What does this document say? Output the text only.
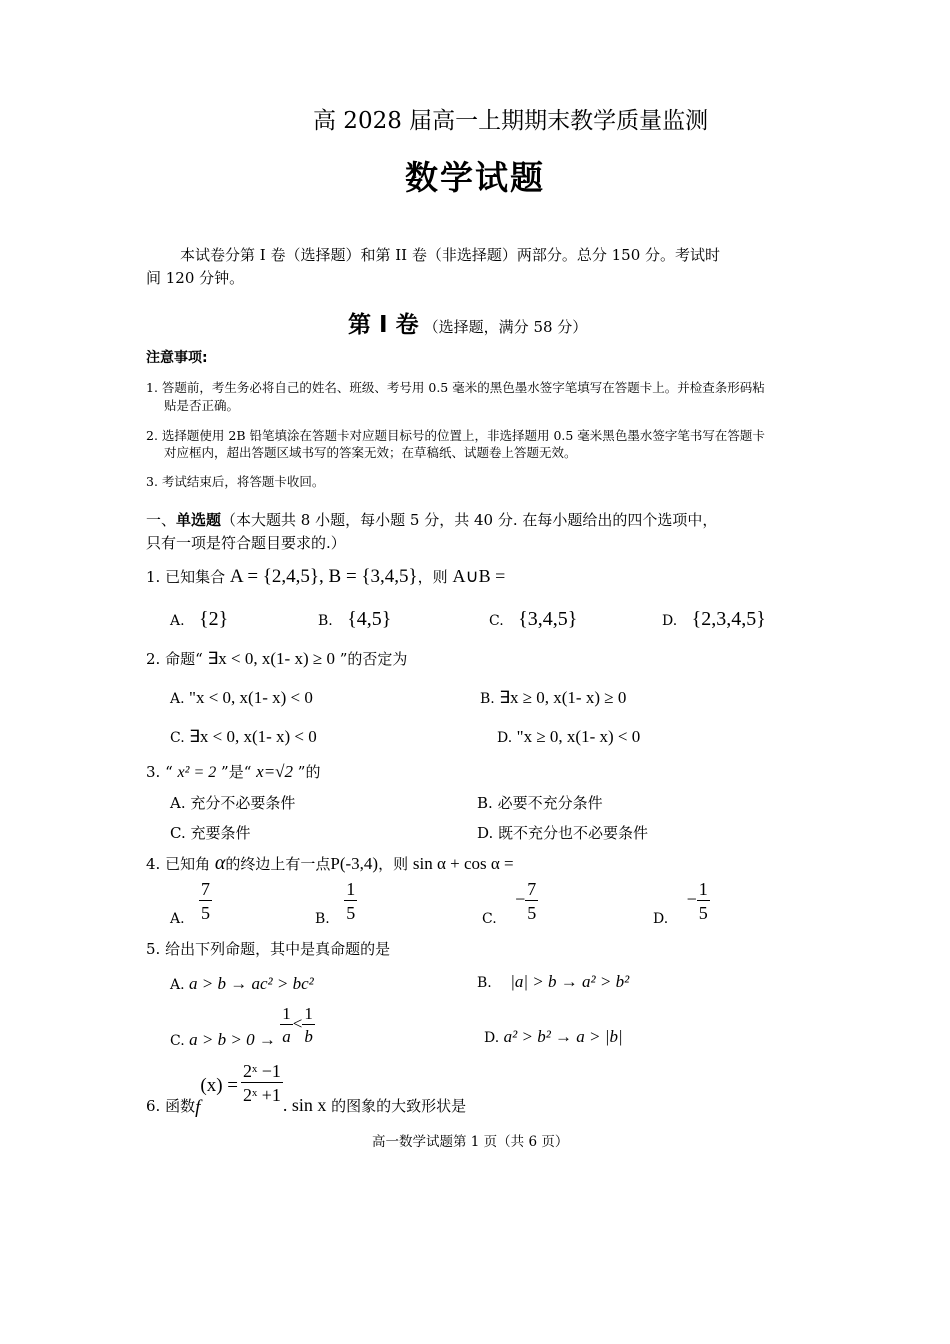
高 2028 届高一上期期末教学质量监测
数学试题
本试卷分第 I 卷（选择题）和第 II 卷（非选择题）两部分。总分 150 分。考试时
间 120 分钟。
第 I 卷 （选择题，满分 58 分）
注意事项:
1. 答题前，考生务必将自己的姓名、班级、考号用 0.5 毫米的黑色墨水签字笔填写在答题卡上。并检查条形码粘
贴是否正确。
2. 选择题使用 2B 铅笔填涂在答题卡对应题目标号的位置上，非选择题用 0.5 毫米黑色墨水签字笔书写在答题卡
对应框内，超出答题区域书写的答案无效；在草稿纸、试题卷上答题无效。
3. 考试结束后，将答题卡收回。
一、单选题（本大题共 8 小题，每小题 5 分，共 40 分. 在每小题给出的四个选项中，
只有一项是符合题目要求的.）
1. 已知集合 A = {2,4,5}, B = {3,4,5}，则 A∪B =
A. {2}	B. {4,5}	C. {3,4,5}	D. {2,3,4,5}
2. 命题“ ∃x < 0, x(1- x) ≥ 0 ”的否定为
A. "x < 0, x(1- x) < 0	B. ∃x ≥ 0, x(1- x) ≥ 0
C. ∃x < 0, x(1- x) < 0	D. "x ≥ 0, x(1- x) < 0
3. “ x² = 2 ”是“ x=√2 ”的
A. 充分不必要条件	B. 必要不充分条件
C. 充要条件	D. 既不充分也不必要条件
4. 已知角 α的终边上有一点P(-3,4)，则 sin α + cos α =
A. $\frac{7}{5}$	B. $\frac{1}{5}$	C. − $\frac{7}{5}$	D. − $\frac{1}{5}$
5. 给出下列命题，其中是真命题的是
A. a > b → ac² > bc²	B. |a| > b → a² > b²
C. $a > b > 0 \to \frac{1}{a} < \frac{1}{b}$	D. a² > b² → a > |b|
6. 函数$f(x) = \frac{\text{2ˣ −1}}{\text{2ˣ +1}}$
. sin x 的图象的大致形状是
高一数学试题第 1 页（共 6 页）
